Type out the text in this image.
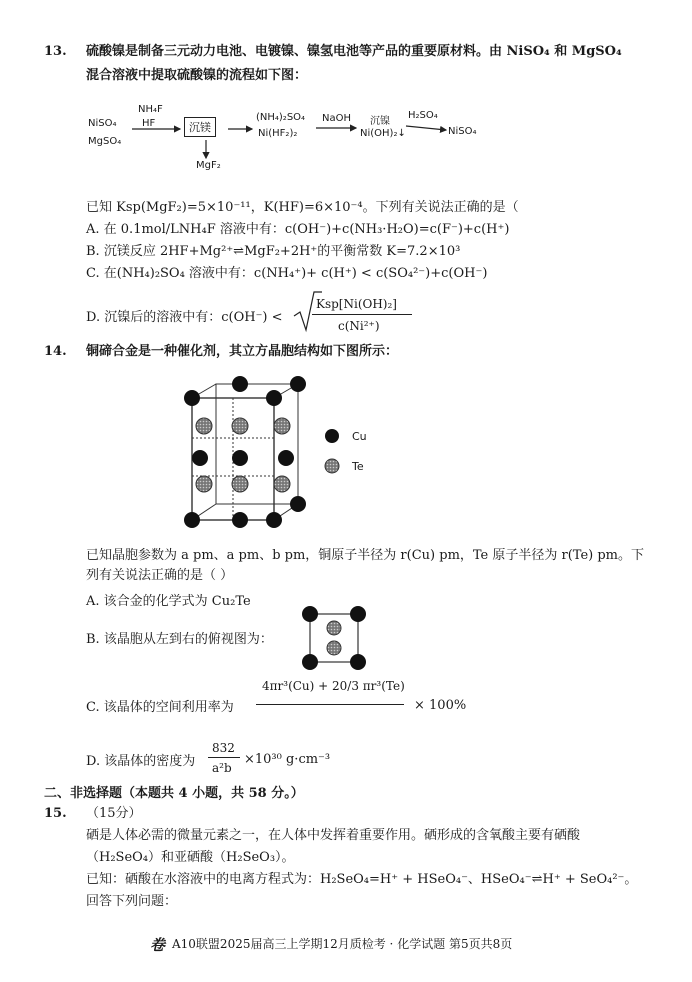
13. 硫酸镍是制备三元动力电池、电镀镍、镍氢电池等产品的重要原材料。由 NiSO₄ 和 MgSO₄
混合溶液中提取硫酸镍的流程如下图：
NiSO₄
MgSO₄
NH₄F
HF	沉镁
MgF₂
(NH₄)₂SO₄
Ni(HF₂)₂
NaOH 沉镍
Ni(OH)₂↓
H₂SO₄
NiSO₄
已知 Ksp(MgF₂)=5×10⁻¹¹，K(HF)=6×10⁻⁴。下列有关说法正确的是（
A. 在 0.1mol/LNH₄F 溶液中有：c(OH⁻)+c(NH₃·H₂O)=c(F⁻)+c(H⁺)
B. 沉镁反应 2HF+Mg²⁺⇌MgF₂+2H⁺的平衡常数 K=7.2×10³
C. 在(NH₄)₂SO₄ 溶液中有：c(NH₄⁺)+ c(H⁺) < c(SO₄²⁻)+c(OH⁻)
D. 沉镍后的溶液中有：c(OH⁻) <
Ksp[Ni(OH)₂]
c(Ni²⁺)
14. 铜碲合金是一种催化剂，其立方晶胞结构如下图所示：
Cu
Te
已知晶胞参数为 a pm、a pm、b pm，铜原子半径为 r(Cu) pm，Te 原子半径为 r(Te) pm。下
列有关说法正确的是（ ）
A. 该合金的化学式为 Cu₂Te
B. 该晶胞从左到右的俯视图为：
C. 该晶体的空间利用率为
4πr³(Cu) + 20/3 πr³(Te)
× 100%
D. 该晶体的密度为
832
a²b
×10³⁰ g·cm⁻³
二、非选择题（本题共 4 小题，共 58 分。）
15. （15分）
硒是人体必需的微量元素之一，在人体中发挥着重要作用。硒形成的含氧酸主要有硒酸
（H₂SeO₄）和亚硒酸（H₂SeO₃）。
已知：硒酸在水溶液中的电离方程式为：H₂SeO₄=H⁺ + HSeO₄⁻、HSeO₄⁻⇌H⁺ + SeO₄²⁻。
回答下列问题：
卷 A10联盟2025届高三上学期12月质检考 · 化学试题 第5页共8页
